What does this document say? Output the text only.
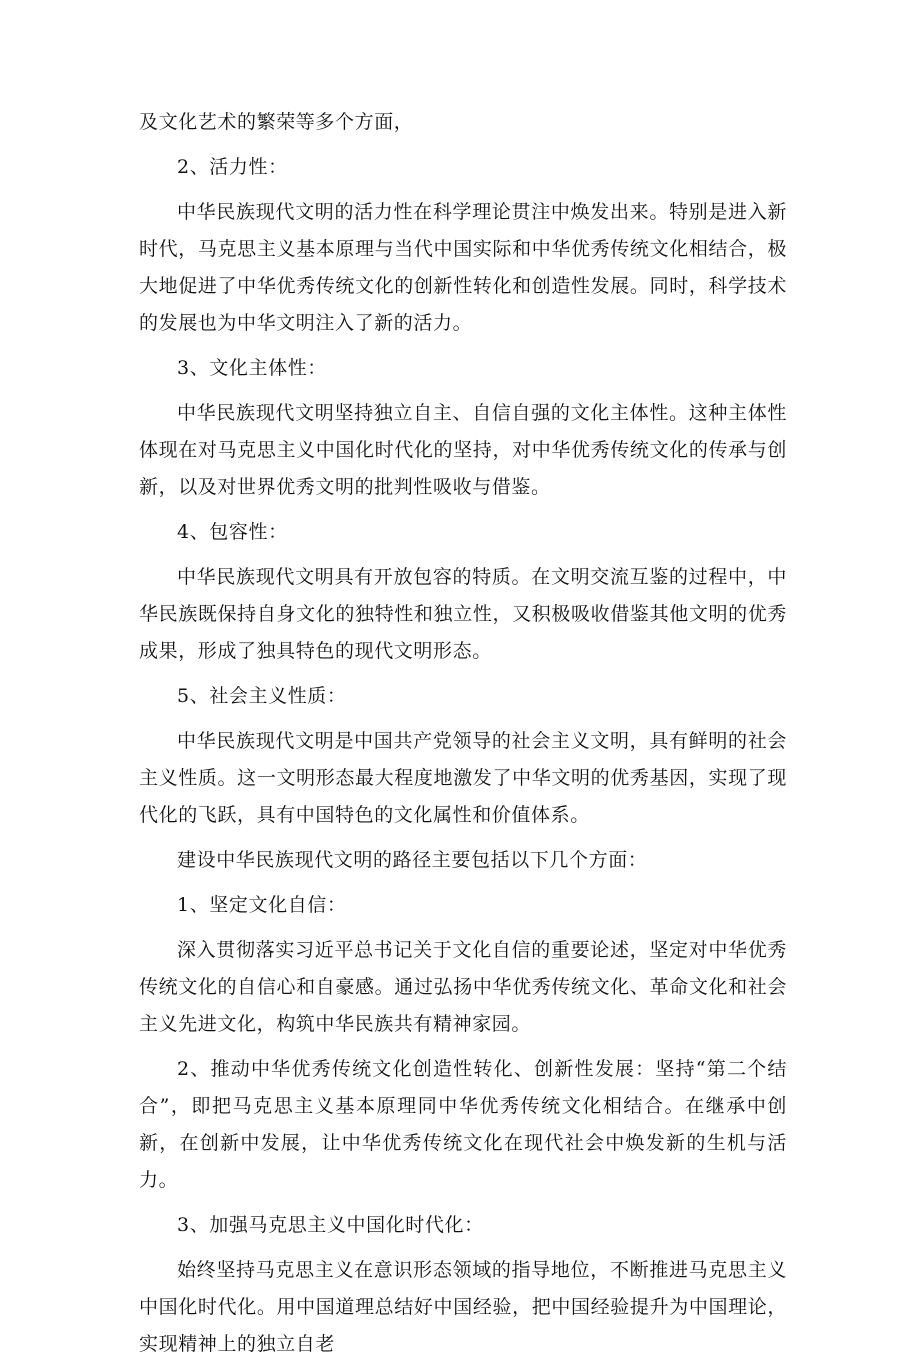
及文化艺术的繁荣等多个方面，

2、活力性：

中华民族现代文明的活力性在科学理论贯注中焕发出来。特别是进入新时代，马克思主义基本原理与当代中国实际和中华优秀传统文化相结合，极大地促进了中华优秀传统文化的创新性转化和创造性发展。同时，科学技术的发展也为中华文明注入了新的活力。

3、文化主体性：

中华民族现代文明坚持独立自主、自信自强的文化主体性。这种主体性体现在对马克思主义中国化时代化的坚持，对中华优秀传统文化的传承与创新，以及对世界优秀文明的批判性吸收与借鉴。

4、包容性：

中华民族现代文明具有开放包容的特质。在文明交流互鉴的过程中，中华民族既保持自身文化的独特性和独立性，又积极吸收借鉴其他文明的优秀成果，形成了独具特色的现代文明形态。

5、社会主义性质：

中华民族现代文明是中国共产党领导的社会主义文明，具有鲜明的社会主义性质。这一文明形态最大程度地激发了中华文明的优秀基因，实现了现代化的飞跃，具有中国特色的文化属性和价值体系。

建设中华民族现代文明的路径主要包括以下几个方面：

1、坚定文化自信：

深入贯彻落实习近平总书记关于文化自信的重要论述，坚定对中华优秀传统文化的自信心和自豪感。通过弘扬中华优秀传统文化、革命文化和社会主义先进文化，构筑中华民族共有精神家园。

2、推动中华优秀传统文化创造性转化、创新性发展：坚持“第二个结合”，即把马克思主义基本原理同中华优秀传统文化相结合。在继承中创新，在创新中发展，让中华优秀传统文化在现代社会中焕发新的生机与活力。

3、加强马克思主义中国化时代化：

始终坚持马克思主义在意识形态领域的指导地位，不断推进马克思主义中国化时代化。用中国道理总结好中国经验，把中国经验提升为中国理论，实现精神上的独立自老
